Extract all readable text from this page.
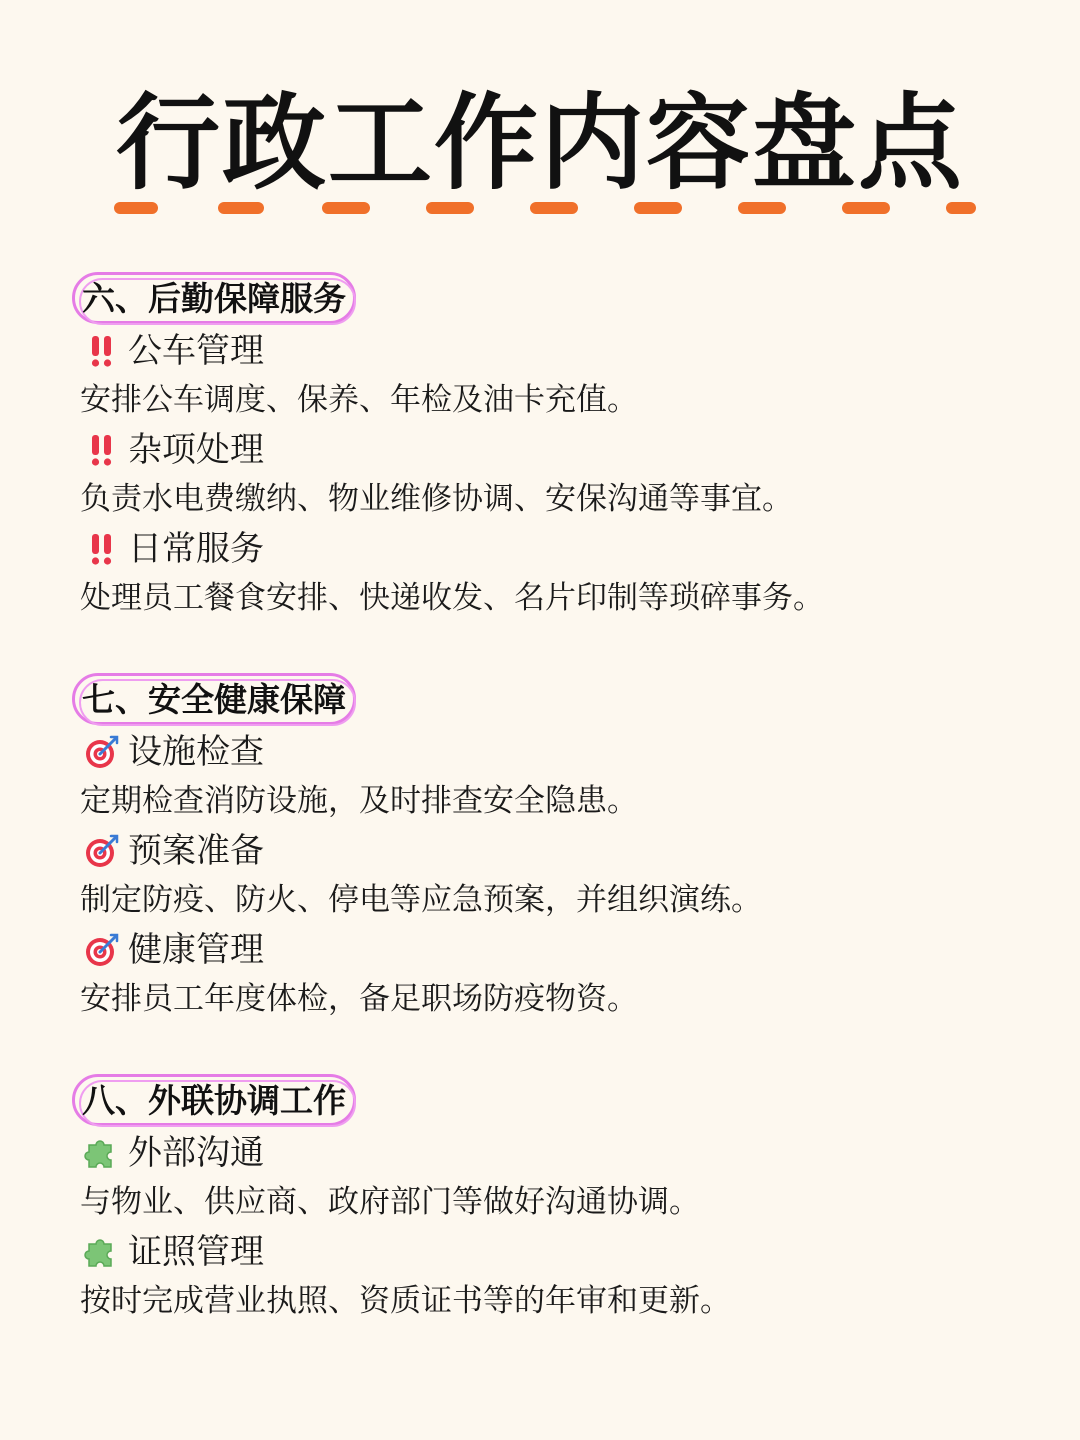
行政工作内容盘点
六、后勤保障服务
公车管理
安排公车调度、保养、年检及油卡充值。
杂项处理
负责水电费缴纳、物业维修协调、安保沟通等事宜。
日常服务
处理员工餐食安排、快递收发、名片印制等琐碎事务。
七、安全健康保障
设施检查
定期检查消防设施，及时排查安全隐患。
预案准备
制定防疫、防火、停电等应急预案，并组织演练。
健康管理
安排员工年度体检，备足职场防疫物资。
八、外联协调工作
外部沟通
与物业、供应商、政府部门等做好沟通协调。
证照管理
按时完成营业执照、资质证书等的年审和更新。
